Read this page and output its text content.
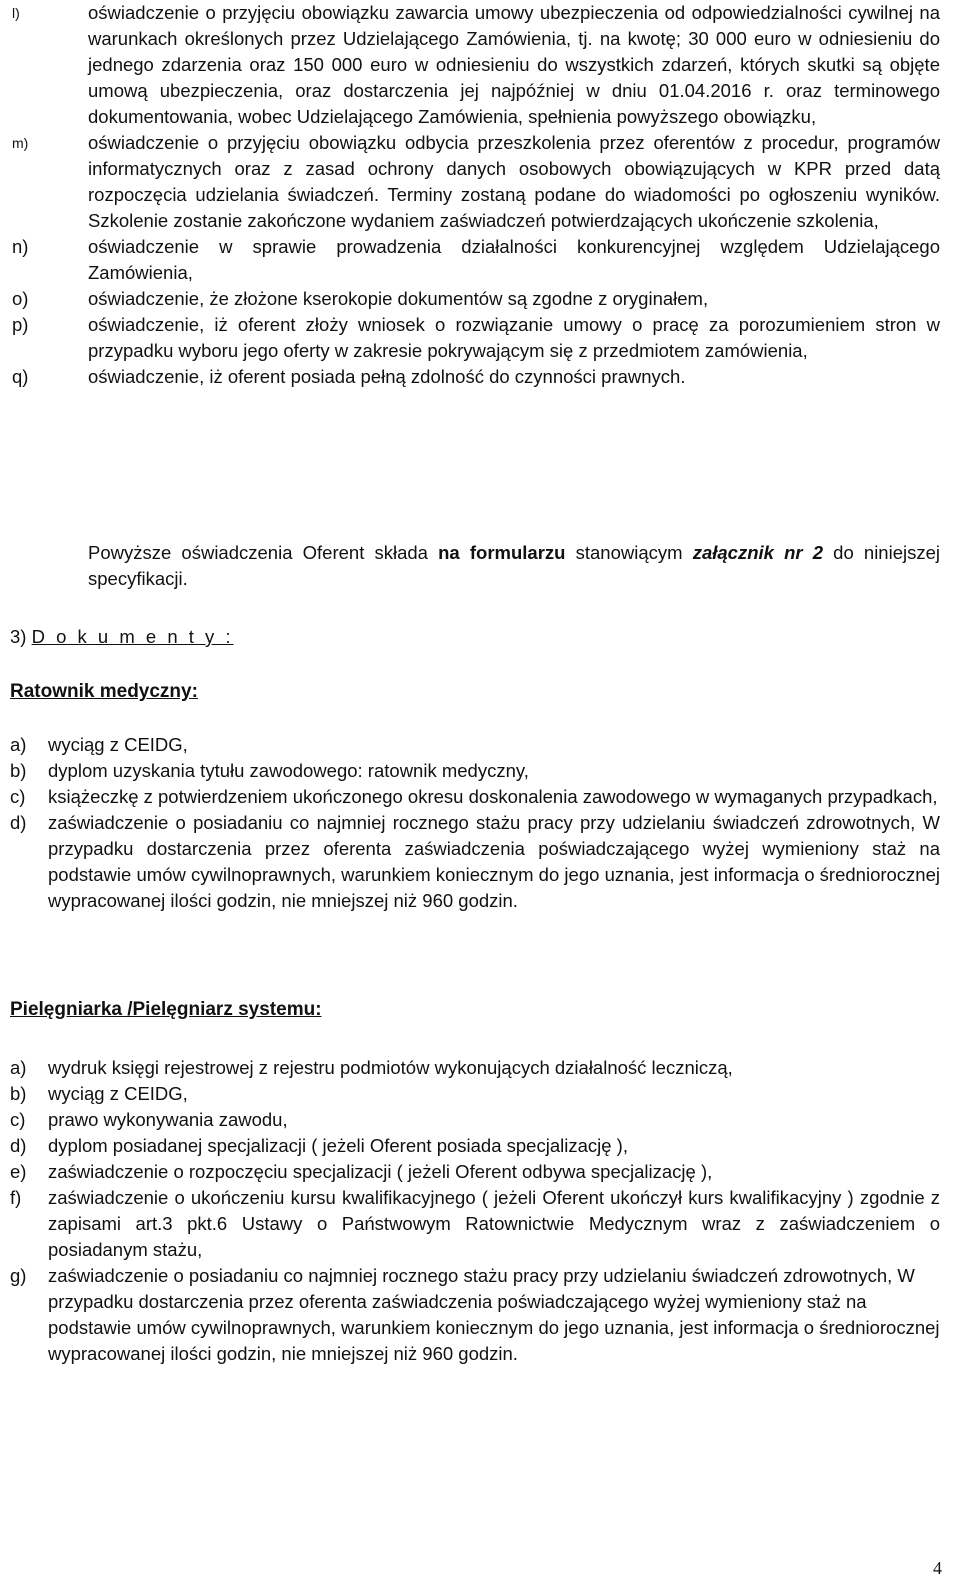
l)	oświadczenie o przyjęciu obowiązku zawarcia umowy ubezpieczenia od odpowiedzialności cywilnej na warunkach określonych przez Udzielającego Zamówienia, tj. na kwotę; 30 000 euro w odniesieniu do jednego zdarzenia oraz 150 000 euro w odniesieniu do wszystkich zdarzeń, których skutki są objęte umową ubezpieczenia, oraz dostarczenia jej najpóźniej w dniu 01.04.2016 r. oraz terminowego dokumentowania, wobec Udzielającego Zamówienia, spełnienia powyższego obowiązku,
m)	oświadczenie o przyjęciu obowiązku odbycia przeszkolenia przez oferentów z procedur, programów informatycznych oraz z zasad ochrony danych osobowych obowiązujących w KPR przed datą rozpoczęcia udzielania świadczeń. Terminy zostaną podane do wiadomości po ogłoszeniu wyników. Szkolenie zostanie zakończone wydaniem zaświadczeń potwierdzających ukończenie szkolenia,
n)	oświadczenie w sprawie prowadzenia działalności konkurencyjnej względem Udzielającego Zamówienia,
o)	oświadczenie, że złożone kserokopie dokumentów są zgodne z oryginałem,
p)	oświadczenie, iż oferent złoży wniosek o rozwiązanie umowy o pracę za porozumieniem stron w przypadku wyboru jego oferty w zakresie pokrywającym się z przedmiotem zamówienia,
q)	oświadczenie, iż oferent posiada pełną zdolność do czynności prawnych.
Powyższe oświadczenia Oferent składa na formularzu stanowiącym załącznik nr 2 do niniejszej specyfikacji.
3) D o k u m e n t y :
Ratownik medyczny:
a)	wyciąg z CEIDG,
b)	dyplom uzyskania tytułu zawodowego: ratownik medyczny,
c)	książeczkę z potwierdzeniem ukończonego okresu doskonalenia zawodowego w wymaganych przypadkach,
d)	zaświadczenie o posiadaniu co najmniej rocznego stażu pracy przy udzielaniu świadczeń zdrowotnych, W przypadku dostarczenia przez oferenta zaświadczenia poświadczającego wyżej wymieniony staż na podstawie umów cywilnoprawnych, warunkiem koniecznym do jego uznania, jest informacja o średniorocznej wypracowanej ilości godzin, nie mniejszej niż 960 godzin.
Pielęgniarka /Pielęgniarz systemu:
a)	wydruk księgi rejestrowej z rejestru podmiotów wykonujących działalność leczniczą,
b)	wyciąg z CEIDG,
c)	prawo wykonywania zawodu,
d)	dyplom posiadanej specjalizacji ( jeżeli Oferent posiada specjalizację ),
e)	zaświadczenie o rozpoczęciu specjalizacji ( jeżeli Oferent odbywa specjalizację ),
f)	zaświadczenie o ukończeniu kursu kwalifikacyjnego ( jeżeli Oferent ukończył kurs kwalifikacyjny ) zgodnie z zapisami art.3 pkt.6 Ustawy o Państwowym Ratownictwie Medycznym wraz z zaświadczeniem o posiadanym stażu,
g)	zaświadczenie o posiadaniu co najmniej rocznego stażu pracy przy udzielaniu świadczeń zdrowotnych, W przypadku dostarczenia przez oferenta zaświadczenia poświadczającego wyżej wymieniony staż na podstawie umów cywilnoprawnych, warunkiem koniecznym do jego uznania, jest informacja o średniorocznej wypracowanej ilości godzin, nie mniejszej niż 960 godzin.
4
